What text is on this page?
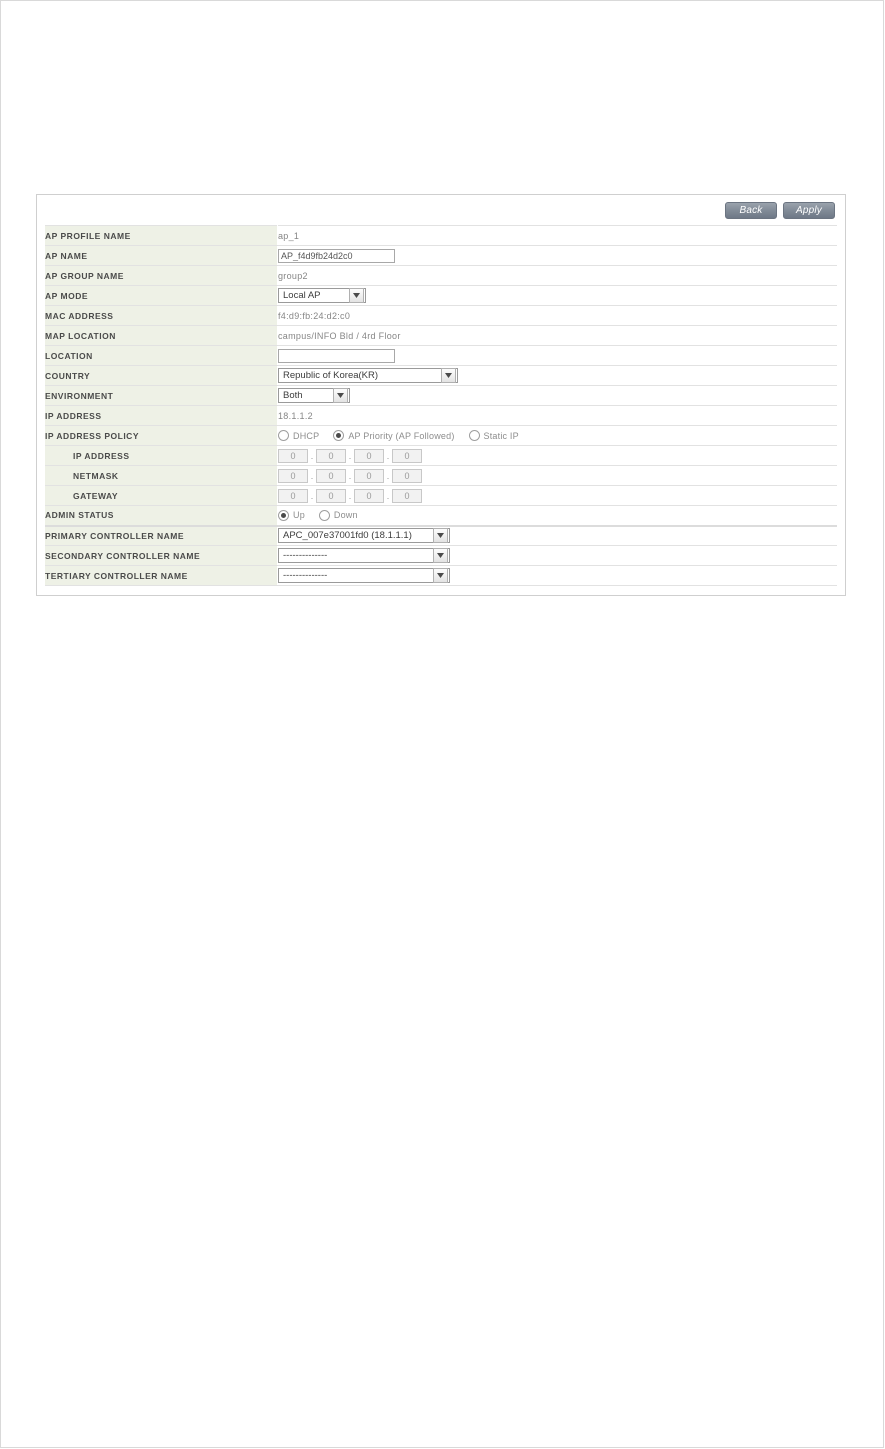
Back	Apply
AP PROFILE NAME	ap_1
AP NAME	AP_f4d9fb24d2c0
AP GROUP NAME	group2
AP MODE	Local AP

MAC ADDRESS	f4:d9:fb:24:d2:c0
MAP LOCATION	campus/INFO Bld / 4rd Floor
LOCATION	
COUNTRY	Republic of Korea(KR)

ENVIRONMENT	Both

IP ADDRESS	18.1.1.2
IP ADDRESS POLICY	DHCP AP Priority (AP Followed) Static IP

IP ADDRESS	0 . 0 . 0 . 0
NETMASK	0 . 0 . 0 . 0
GATEWAY	0 . 0 . 0 . 0
ADMIN STATUS	Up Down

PRIMARY CONTROLLER NAME	APC_007e37001fd0 (18.1.1.1)

SECONDARY CONTROLLER NAME	--------------

TERTIARY CONTROLLER NAME	--------------
